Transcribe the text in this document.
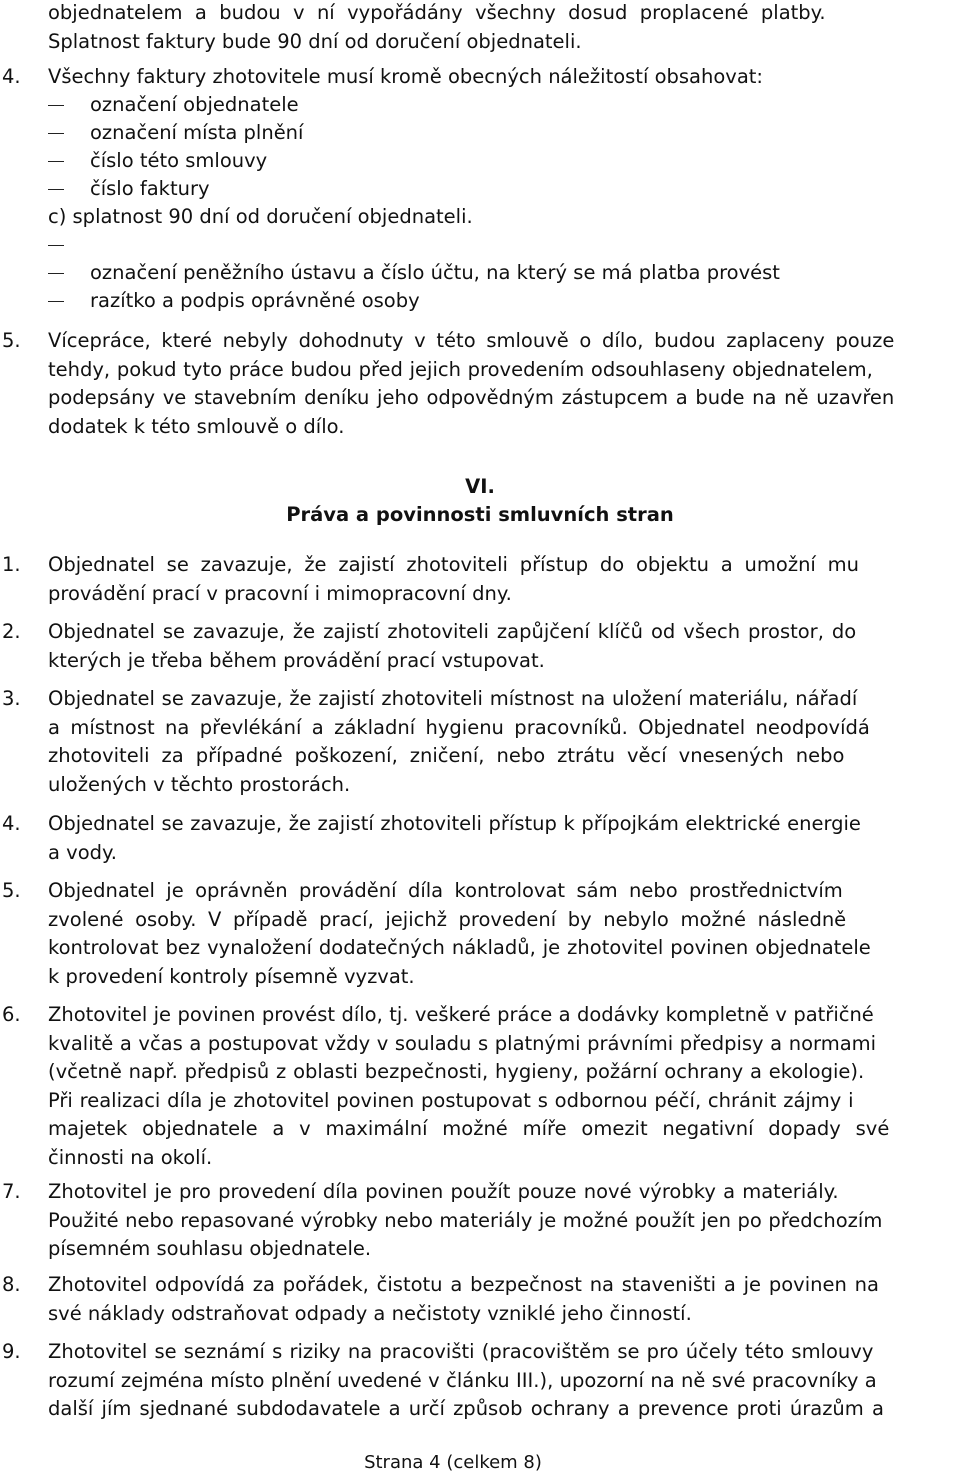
objednatelem a budou v ní vypořádány všechny dosud proplacené platby.
Splatnost faktury bude 90 dní od doručení objednateli.
4.	Všechny faktury zhotovitele musí kromě obecných náležitostí obsahovat:
označení objednatele
označení místa plnění
číslo této smlouvy
číslo faktury
c) splatnost 90 dní od doručení objednateli.
označení peněžního ústavu a číslo účtu, na který se má platba provést
razítko a podpis oprávněné osoby
5.	Vícepráce, které nebyly dohodnuty v této smlouvě o dílo, budou zaplaceny pouze
tehdy, pokud tyto práce budou před jejich provedením odsouhlaseny objednatelem,
podepsány ve stavebním deníku jeho odpovědným zástupcem a bude na ně uzavřen
dodatek k této smlouvě o dílo.
VI.
Práva a povinnosti smluvních stran
1.	Objednatel se zavazuje, že zajistí zhotoviteli přístup do objektu a umožní mu
provádění prací v pracovní i mimopracovní dny.
2.	Objednatel se zavazuje, že zajistí zhotoviteli zapůjčení klíčů od všech prostor, do
kterých je třeba během provádění prací vstupovat.
3.	Objednatel se zavazuje, že zajistí zhotoviteli místnost na uložení materiálu, nářadí
a místnost na převlékání a základní hygienu pracovníků. Objednatel neodpovídá
zhotoviteli za případné poškození, zničení, nebo ztrátu věcí vnesených nebo
uložených v těchto prostorách.
4.	Objednatel se zavazuje, že zajistí zhotoviteli přístup k přípojkám elektrické energie
a vody.
5.	Objednatel je oprávněn provádění díla kontrolovat sám nebo prostřednictvím
zvolené osoby. V případě prací, jejichž provedení by nebylo možné následně
kontrolovat bez vynaložení dodatečných nákladů, je zhotovitel povinen objednatele
k provedení kontroly písemně vyzvat.
6.	Zhotovitel je povinen provést dílo, tj. veškeré práce a dodávky kompletně v patřičné
kvalitě a včas a postupovat vždy v souladu s platnými právními předpisy a normami
(včetně např. předpisů z oblasti bezpečnosti, hygieny, požární ochrany a ekologie).
Při realizaci díla je zhotovitel povinen postupovat s odbornou péčí, chránit zájmy i
majetek objednatele a v maximální možné míře omezit negativní dopady své
činnosti na okolí.
7.	Zhotovitel je pro provedení díla povinen použít pouze nové výrobky a materiály.
Použité nebo repasované výrobky nebo materiály je možné použít jen po předchozím
písemném souhlasu objednatele.
8.	Zhotovitel odpovídá za pořádek, čistotu a bezpečnost na staveništi a je povinen na
své náklady odstraňovat odpady a nečistoty vzniklé jeho činností.
9.	Zhotovitel se seznámí s riziky na pracovišti (pracovištěm se pro účely této smlouvy
rozumí zejména místo plnění uvedené v článku III.), upozorní na ně své pracovníky a
další jím sjednané subdodavatele a určí způsob ochrany a prevence proti úrazům a
Strana 4 (celkem 8)
